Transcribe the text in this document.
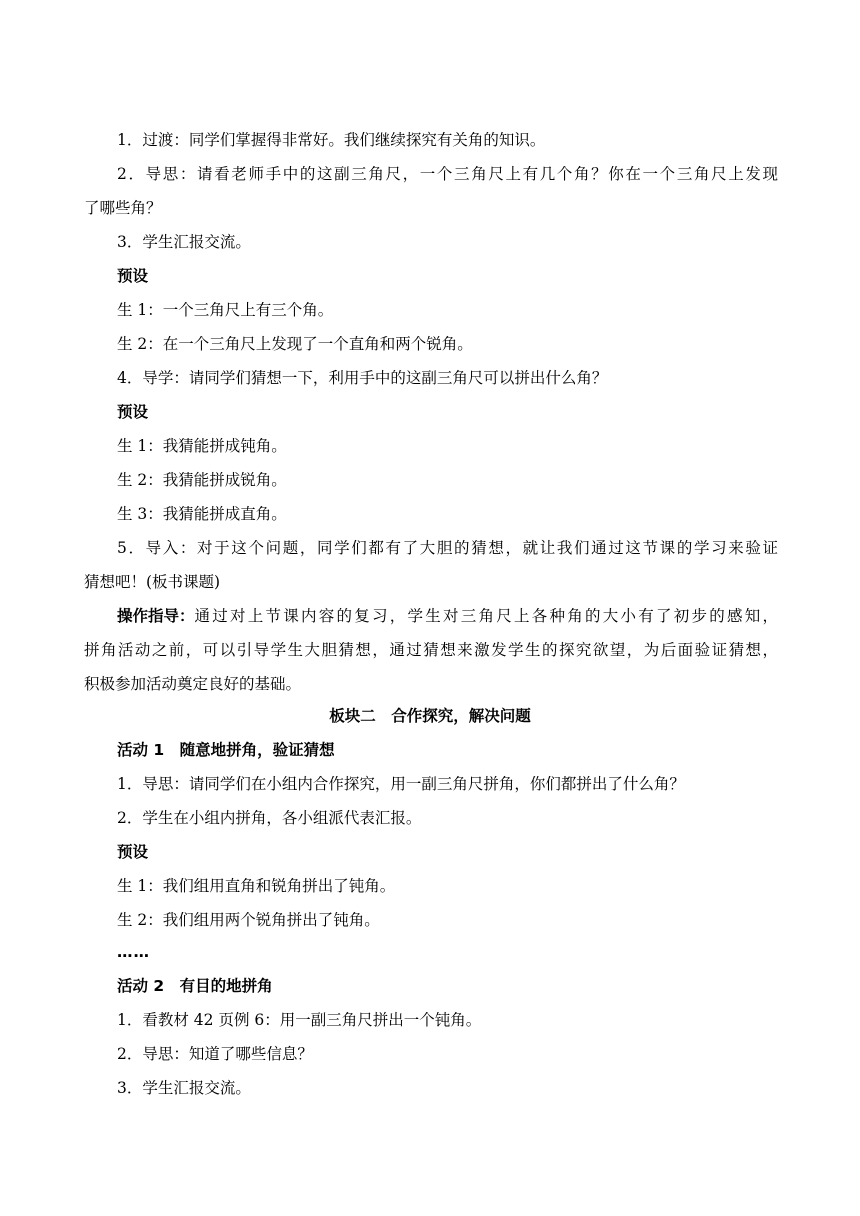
1．过渡：同学们掌握得非常好。我们继续探究有关角的知识。
2．导思：请看老师手中的这副三角尺，一个三角尺上有几个角？你在一个三角尺上发现
了哪些角？
3．学生汇报交流。
预设
生 1：一个三角尺上有三个角。
生 2：在一个三角尺上发现了一个直角和两个锐角。
4．导学：请同学们猜想一下，利用手中的这副三角尺可以拼出什么角？
预设
生 1：我猜能拼成钝角。
生 2：我猜能拼成锐角。
生 3：我猜能拼成直角。
5．导入：对于这个问题，同学们都有了大胆的猜想，就让我们通过这节课的学习来验证
猜想吧！(板书课题)
操作指导： 通过对上节课内容的复习，学生对三角尺上各种角的大小有了初步的感知，
拼角活动之前，可以引导学生大胆猜想，通过猜想来激发学生的探究欲望，为后面验证猜想，
积极参加活动奠定良好的基础。
板块二　合作探究，解决问题
活动 1　随意地拼角，验证猜想
1．导思：请同学们在小组内合作探究，用一副三角尺拼角，你们都拼出了什么角？
2．学生在小组内拼角，各小组派代表汇报。
预设
生 1：我们组用直角和锐角拼出了钝角。
生 2：我们组用两个锐角拼出了钝角。
……
活动 2　有目的地拼角
1．看教材 42 页例 6：用一副三角尺拼出一个钝角。
2．导思：知道了哪些信息？
3．学生汇报交流。
